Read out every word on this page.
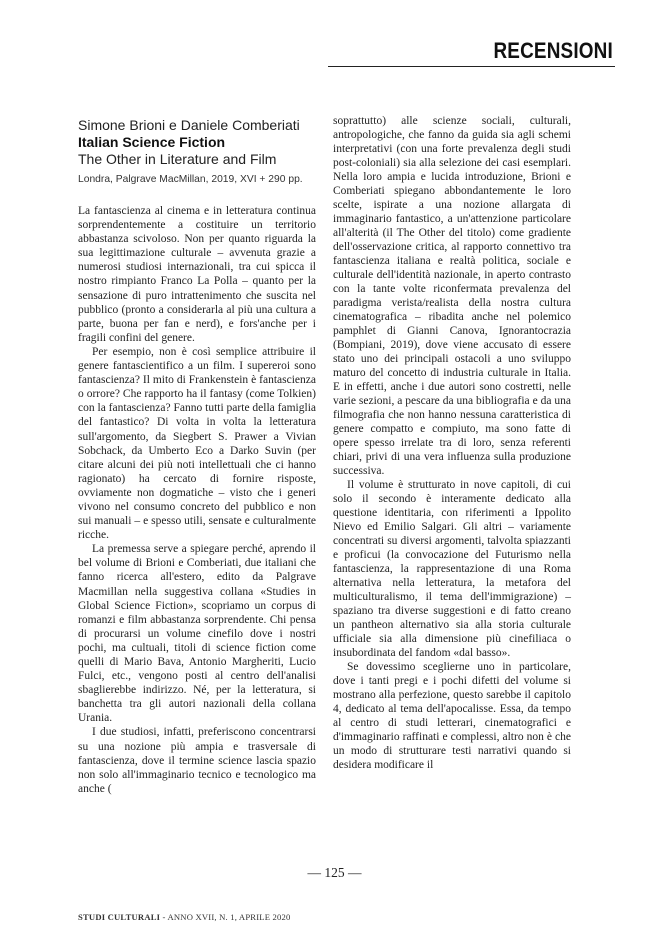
RECENSIONI

Simone Brioni e Daniele Comberiati

Italian Science Fiction

The Other in Literature and Film

Londra, Palgrave MacMillan, 2019, XVI + 290 pp.

La fantascienza al cinema e in letteratura continua sorprendentemente a costituire un territorio abbastanza scivoloso. Non per quanto riguarda la sua legittimazione culturale – avvenuta grazie a numerosi studiosi internazionali, tra cui spicca il nostro rimpianto Franco La Polla – quanto per la sensazione di puro intrattenimento che suscita nel pubblico (pronto a considerarla al più una cultura a parte, buona per fan e nerd), e fors'anche per i fragili confini del genere.

Per esempio, non è così semplice attribuire il genere fantascientifico a un film. I supereroi sono fantascienza? Il mito di Frankenstein è fantascienza o orrore? Che rapporto ha il fantasy (come Tolkien) con la fantascienza? Fanno tutti parte della famiglia del fantastico? Di volta in volta la letteratura sull'argomento, da Siegbert S. Prawer a Vivian Sobchack, da Umberto Eco a Darko Suvin (per citare alcuni dei più noti intellettuali che ci hanno ragionato) ha cercato di fornire risposte, ovviamente non dogmatiche – visto che i generi vivono nel consumo concreto del pubblico e non sui manuali – e spesso utili, sensate e culturalmente ricche.

La premessa serve a spiegare perché, aprendo il bel volume di Brioni e Comberiati, due italiani che fanno ricerca all'estero, edito da Palgrave Macmillan nella suggestiva collana «Studies in Global Science Fiction», scopriamo un corpus di romanzi e film abbastanza sorprendente. Chi pensa di procurarsi un volume cinefilo dove i nostri pochi, ma cultuali, titoli di science fiction come quelli di Mario Bava, Antonio Margheriti, Lucio Fulci, etc., vengono posti al centro dell'analisi sbaglierebbe indirizzo. Né, per la letteratura, si banchetta tra gli autori nazionali della collana Urania.

I due studiosi, infatti, preferiscono concentrarsi su una nozione più ampia e trasversale di fantascienza, dove il termine science lascia spazio non solo all'immaginario tecnico e tecnologico ma anche (

soprattutto) alle scienze sociali, culturali, antropologiche, che fanno da guida sia agli schemi interpretativi (con una forte prevalenza degli studi post-coloniali) sia alla selezione dei casi esemplari. Nella loro ampia e lucida introduzione, Brioni e Comberiati spiegano abbondantemente le loro scelte, ispirate a una nozione allargata di immaginario fantastico, a un'attenzione particolare all'alterità (il The Other del titolo) come gradiente dell'osservazione critica, al rapporto connettivo tra fantascienza italiana e realtà politica, sociale e culturale dell'identità nazionale, in aperto contrasto con la tante volte riconfermata prevalenza del paradigma verista/realista della nostra cultura cinematografica – ribadita anche nel polemico pamphlet di Gianni Canova, Ignorantocrazia (Bompiani, 2019), dove viene accusato di essere stato uno dei principali ostacoli a uno sviluppo maturo del concetto di industria culturale in Italia. E in effetti, anche i due autori sono costretti, nelle varie sezioni, a pescare da una bibliografia e da una filmografia che non hanno nessuna caratteristica di genere compatto e compiuto, ma sono fatte di opere spesso irrelate tra di loro, senza referenti chiari, privi di una vera influenza sulla produzione successiva.

Il volume è strutturato in nove capitoli, di cui solo il secondo è interamente dedicato alla questione identitaria, con riferimenti a Ippolito Nievo ed Emilio Salgari. Gli altri – variamente concentrati su diversi argomenti, talvolta spiazzanti e proficui (la convocazione del Futurismo nella fantascienza, la rappresentazione di una Roma alternativa nella letteratura, la metafora del multiculturalismo, il tema dell'immigrazione) – spaziano tra diverse suggestioni e di fatto creano un pantheon alternativo sia alla storia culturale ufficiale sia alla dimensione più cinefiliaca o insubordinata del fandom «dal basso».

Se dovessimo sceglierne uno in particolare, dove i tanti pregi e i pochi difetti del volume si mostrano alla perfezione, questo sarebbe il capitolo 4, dedicato al tema dell'apocalisse. Essa, da tempo al centro di studi letterari, cinematografici e d'immaginario raffinati e complessi, altro non è che un modo di strutturare testi narrativi quando si desidera modificare il

— 125 —
STUDI CULTURALI - ANNO XVII, N. 1, APRILE 2020
